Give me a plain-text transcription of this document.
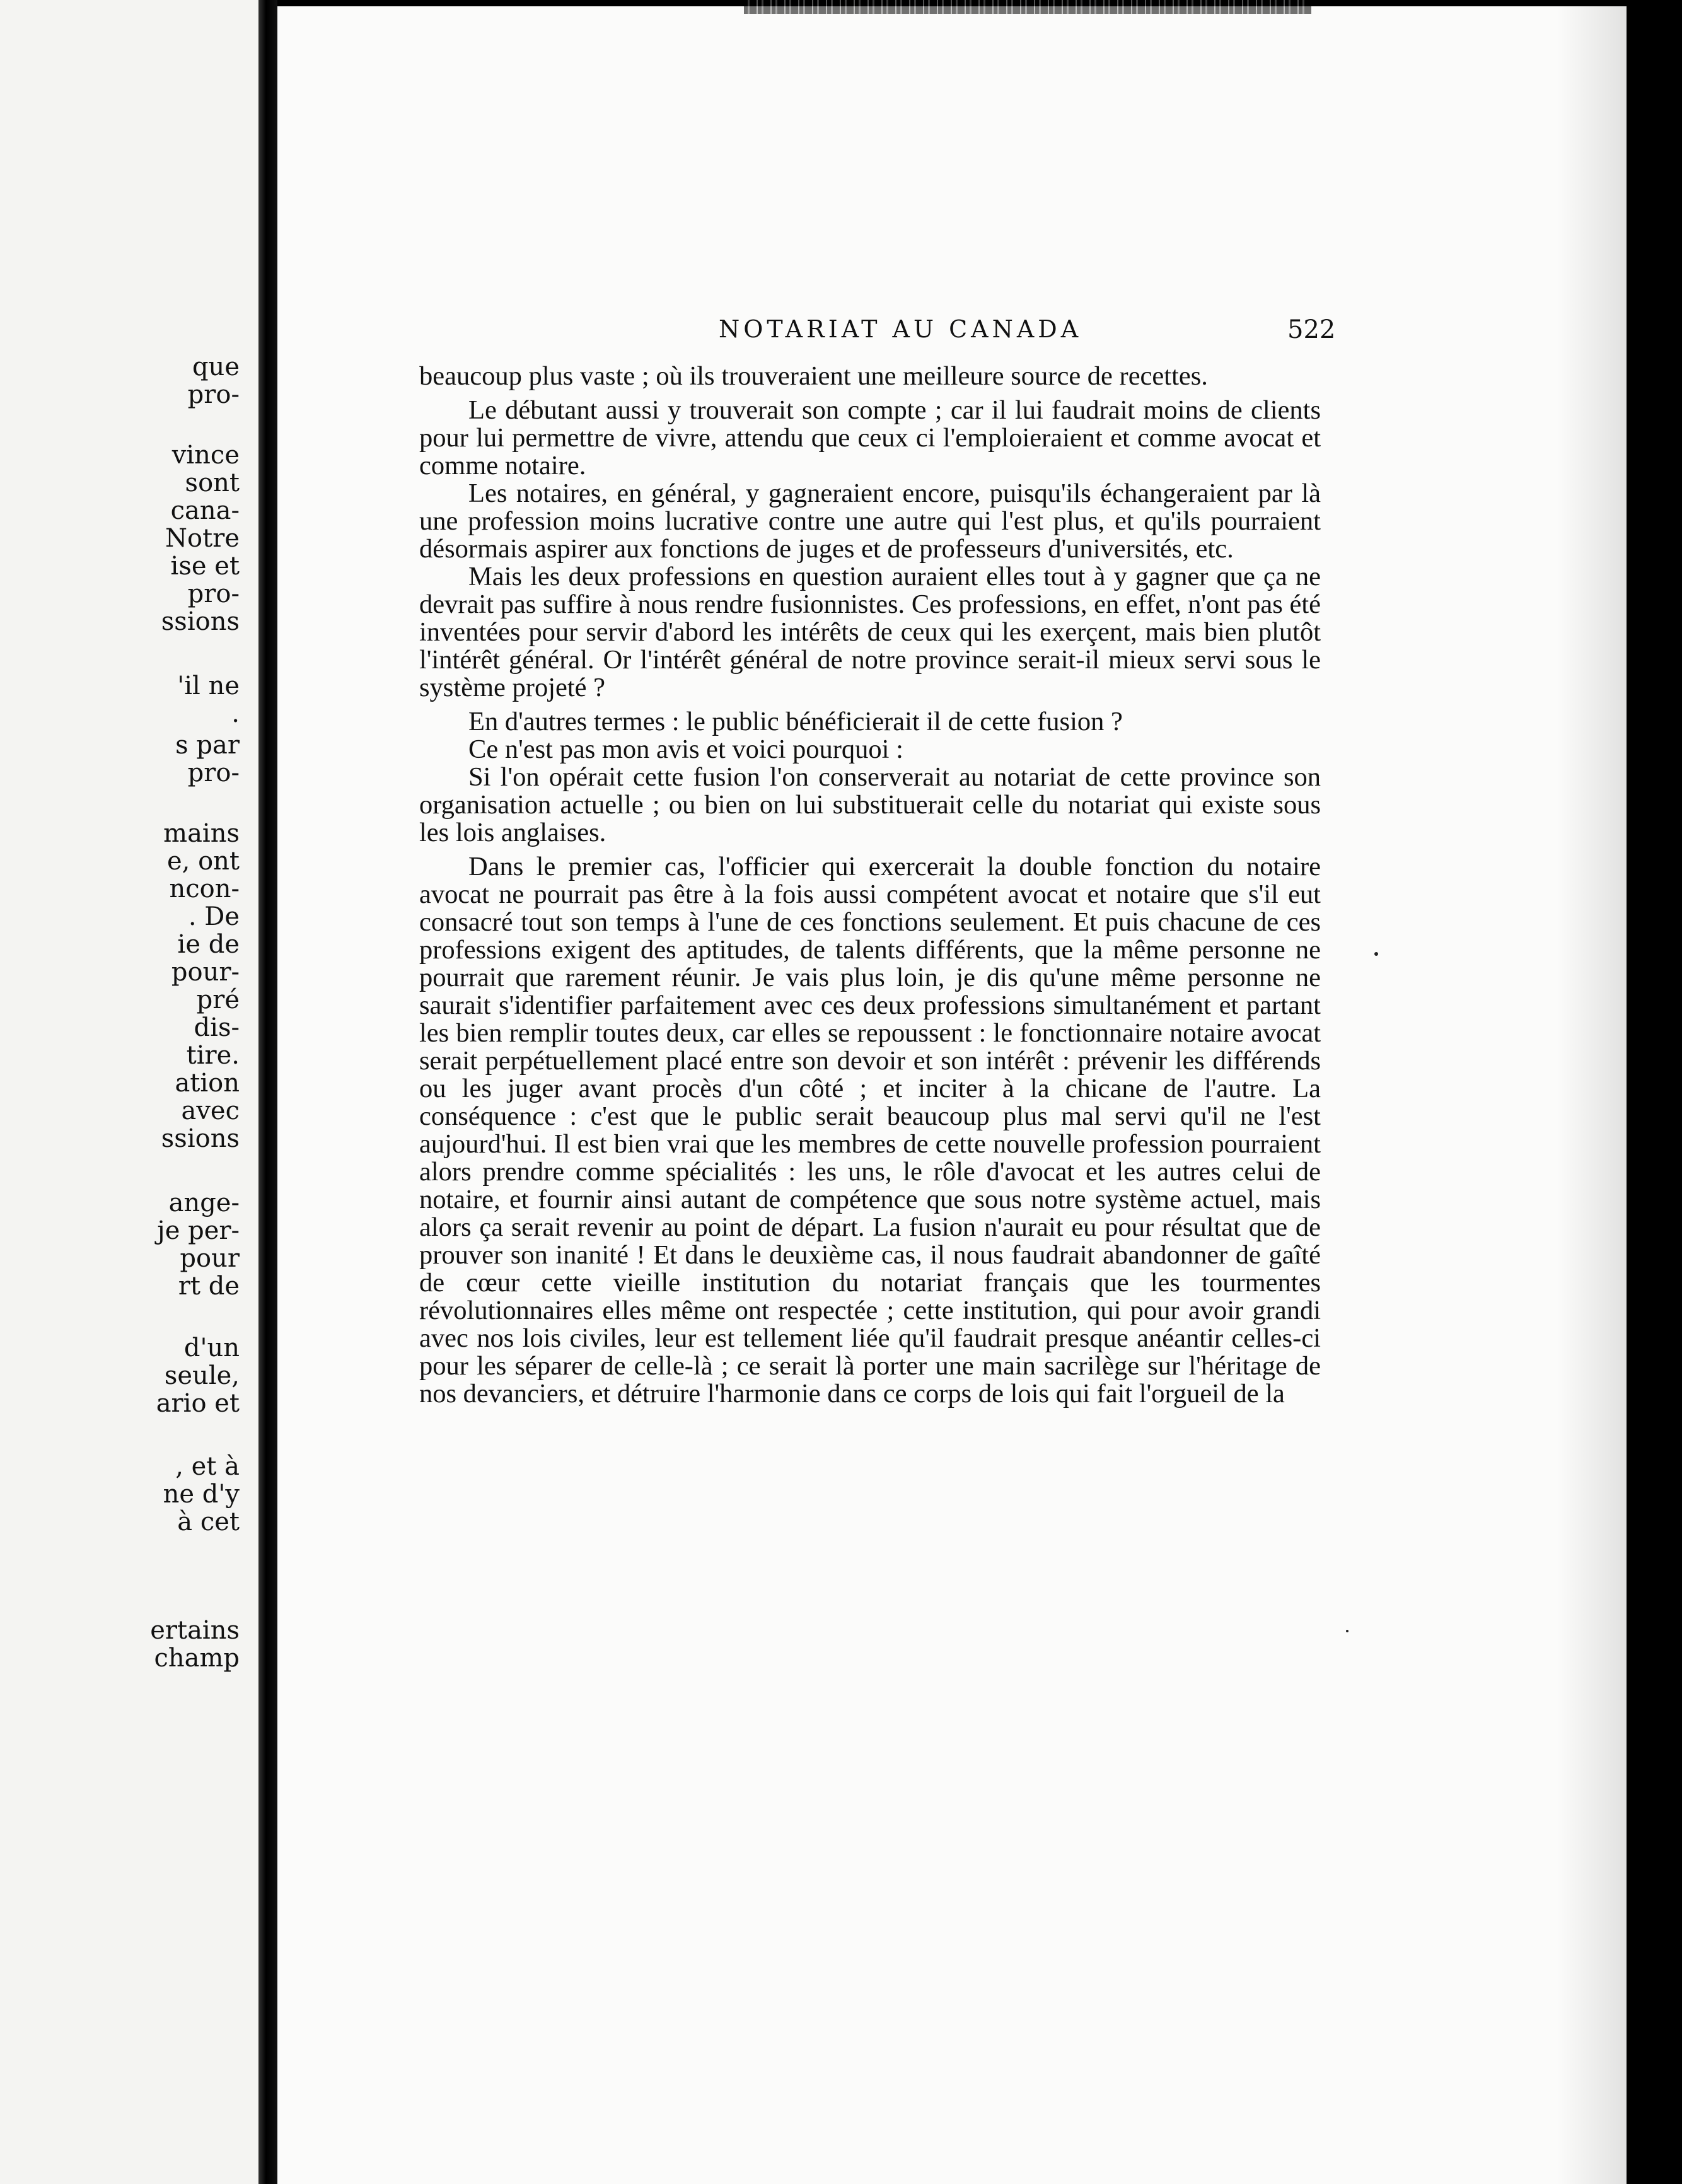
que
pro-
vince
sont
cana-
Notre
ise et
pro-
ssions
'il ne
.
s par
pro-
mains
e, ont
ncon-
. De
ie de
pour-
pré
dis-
tire.
ation
avec
ssions
ange-
je per-
pour
rt de
d'un
seule,
ario et
, et à
ne d'y
à cet
ertains
champ
NOTARIAT AU CANADA	522

beaucoup plus vaste ; où ils trouveraient une meilleure source de recettes.

Le débutant aussi y trouverait son compte ; car il lui faudrait moins de clients pour lui permettre de vivre, attendu que ceux ci l'emploieraient et comme avocat et comme notaire.

Les notaires, en général, y gagneraient encore, puisqu'ils échangeraient par là une profession moins lucrative contre une autre qui l'est plus, et qu'ils pourraient désormais aspirer aux fonctions de juges et de professeurs d'universités, etc.

Mais les deux professions en question auraient elles tout à y gagner que ça ne devrait pas suffire à nous rendre fusionnistes. Ces professions, en effet, n'ont pas été inventées pour servir d'abord les intérêts de ceux qui les exerçent, mais bien plutôt l'intérêt général. Or l'intérêt général de notre province serait-il mieux servi sous le système projeté ?

En d'autres termes : le public bénéficierait il de cette fusion ?

Ce n'est pas mon avis et voici pourquoi :

Si l'on opérait cette fusion l'on conserverait au notariat de cette province son organisation actuelle ; ou bien on lui substituerait celle du notariat qui existe sous les lois anglaises.

Dans le premier cas, l'officier qui exercerait la double fonction du notaire avocat ne pourrait pas être à la fois aussi compétent avocat et notaire que s'il eut consacré tout son temps à l'une de ces fonctions seulement. Et puis chacune de ces professions exigent des aptitudes, de talents différents, que la même personne ne pourrait que rarement réunir. Je vais plus loin, je dis qu'une même personne ne saurait s'identifier parfaitement avec ces deux professions simultanément et partant les bien remplir toutes deux, car elles se repoussent : le fonctionnaire notaire avocat serait perpétuellement placé entre son devoir et son intérêt : prévenir les différends ou les juger avant procès d'un côté ; et inciter à la chicane de l'autre. La conséquence : c'est que le public serait beaucoup plus mal servi qu'il ne l'est aujourd'hui. Il est bien vrai que les membres de cette nouvelle profession pourraient alors prendre comme spécialités : les uns, le rôle d'avocat et les autres celui de notaire, et fournir ainsi autant de compétence que sous notre système actuel, mais alors ça serait revenir au point de départ. La fusion n'aurait eu pour résultat que de prouver son inanité ! Et dans le deuxième cas, il nous faudrait abandonner de gaîté de cœur cette vieille institution du notariat français que les tourmentes révolutionnaires elles même ont respectée ; cette institution, qui pour avoir grandi avec nos lois civiles, leur est tellement liée qu'il faudrait presque anéantir celles-ci pour les séparer de celle-là ; ce serait là porter une main sacrilège sur l'héritage de nos devanciers, et détruire l'harmonie dans ce corps de lois qui fait l'orgueil de la
